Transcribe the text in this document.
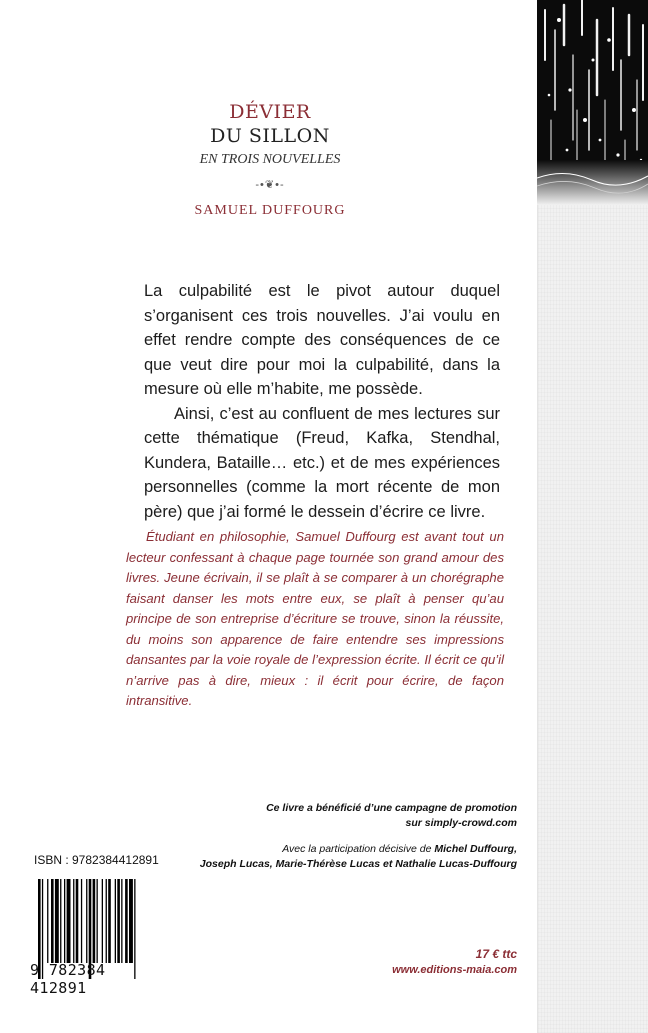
DÉVIER
DU SILLON
EN TROIS NOUVELLES
-•❦•-
SAMUEL DUFFOURG

La culpabilité est le pivot autour duquel s’organisent ces trois nouvelles. J’ai voulu en effet rendre compte des conséquences de ce que veut dire pour moi la culpabilité, dans la mesure où elle m’habite, me possède.

Ainsi, c’est au confluent de mes lectures sur cette thématique (Freud, Kafka, Stendhal, Kundera, Bataille… etc.) et de mes expériences personnelles (comme la mort récente de mon père) que j’ai formé le dessein d’écrire ce livre.

Étudiant en philosophie, Samuel Duffourg est avant tout un lecteur confessant à chaque page tournée son grand amour des livres. Jeune écrivain, il se plaît à se comparer à un chorégraphe faisant danser les mots entre eux, se plaît à penser qu’au principe de son entreprise d’écriture se trouve, sinon la réussite, du moins son apparence de faire entendre ses impressions dansantes par la voie royale de l’expression écrite. Il écrit ce qu’il n’arrive pas à dire, mieux : il écrit pour écrire, de façon intransitive.

Ce livre a bénéficié d’une campagne de promotion
sur simply-crowd.com
Avec la participation décisive de Michel Duffourg,
Joseph Lucas, Marie-Thérèse Lucas et Nathalie Lucas-Duffourg
ISBN : 9782384412891
9 782384 412891
17 € ttc
www.editions-maia.com
